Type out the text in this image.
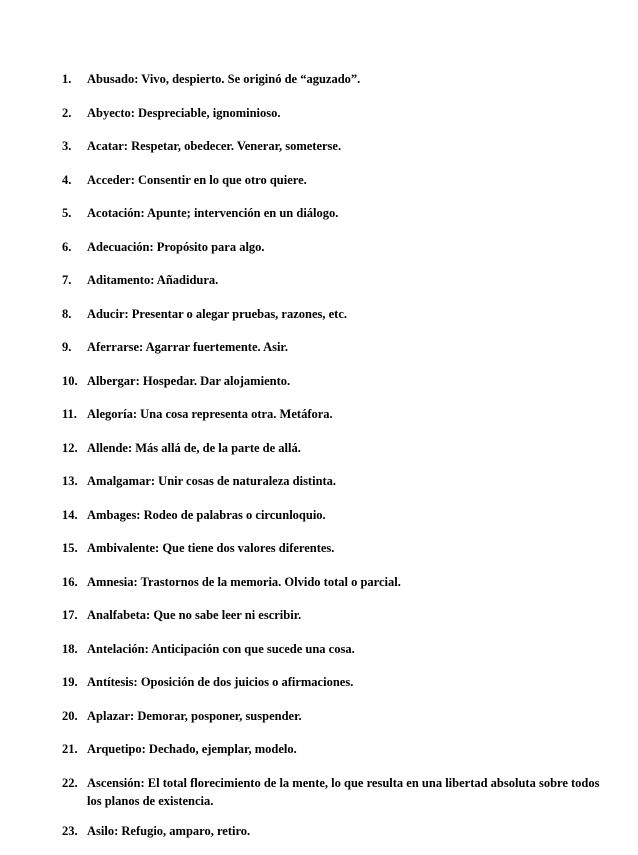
1.	Abusado: Vivo, despierto. Se originó de “aguzado”.
2.	Abyecto: Despreciable, ignominioso.
3.	Acatar: Respetar, obedecer. Venerar, someterse.
4.	Acceder: Consentir en lo que otro quiere.
5.	Acotación: Apunte; intervención en un diálogo.
6.	Adecuación: Propósito para algo.
7.	Aditamento: Añadidura.
8.	Aducir: Presentar o alegar pruebas, razones, etc.
9.	Aferrarse: Agarrar fuertemente. Asir.
10. Albergar: Hospedar. Dar alojamiento.
11. Alegoría: Una cosa representa otra. Metáfora.
12. Allende: Más allá de, de la parte de allá.
13. Amalgamar: Unir cosas de naturaleza distinta.
14. Ambages: Rodeo de palabras o circunloquio.
15. Ambivalente: Que tiene dos valores diferentes.
16. Amnesia: Trastornos de la memoria. Olvido total o parcial.
17. Analfabeta: Que no sabe leer ni escribir.
18. Antelación: Anticipación con que sucede una cosa.
19. Antítesis: Oposición de dos juicios o afirmaciones.
20. Aplazar: Demorar, posponer, suspender.
21. Arquetipo: Dechado, ejemplar, modelo.
22. Ascensión: El total florecimiento de la mente, lo que resulta en una libertad absoluta sobre todos los planos de existencia.
23. Asilo: Refugio, amparo, retiro.
